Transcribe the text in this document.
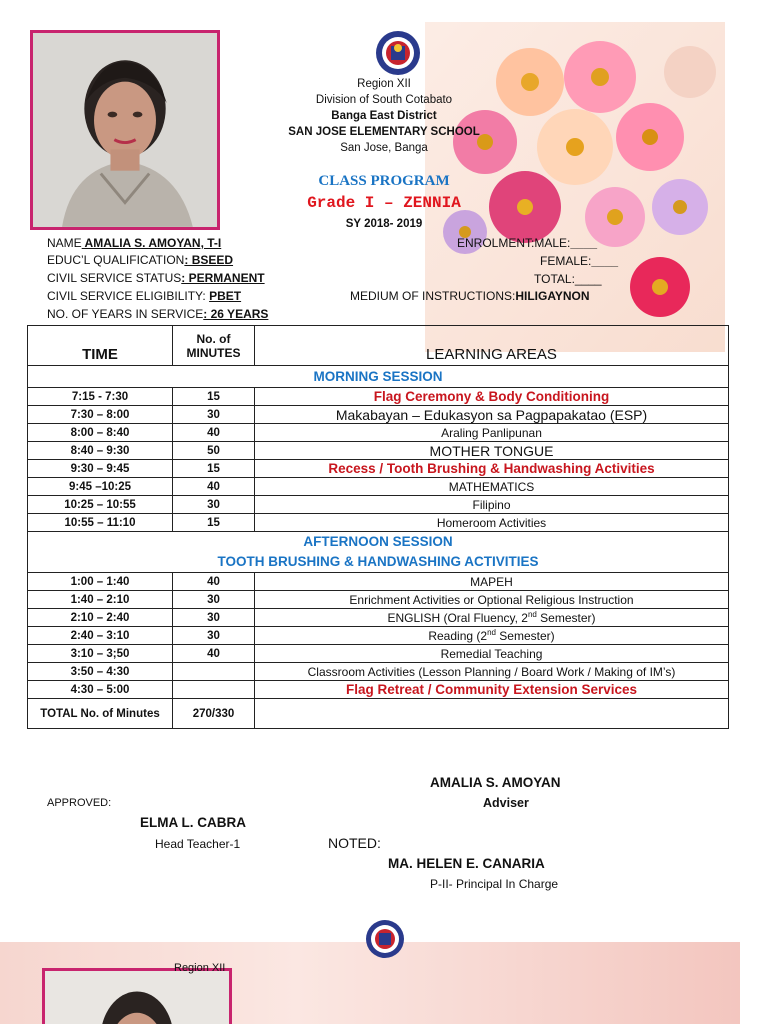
Region XII
Division of South Cotabato
Banga East District
SAN JOSE ELEMENTARY SCHOOL
San Jose, Banga
CLASS PROGRAM
Grade I – ZENNIA
SY 2018- 2019
NAME AMALIA S. AMOYAN, T-I
EDUC’L QUALIFICATION: BSEED
CIVIL SERVICE STATUS: PERMANENT
CIVIL SERVICE ELIGIBILITY: PBET
NO. OF YEARS IN SERVICE: 26 YEARS
ENROLMENT:MALE:____
FEMALE:____
TOTAL:____
MEDIUM OF INSTRUCTIONS:HILIGAYNON
TIME	No. of MINUTES	LEARNING AREAS
MORNING SESSION		
7:15 - 7:30	15	Flag Ceremony & Body Conditioning
7:30 – 8:00	30	Makabayan – Edukasyon sa Pagpapakatao (ESP)
8:00 – 8:40	40	Araling Panlipunan
8:40 – 9:30	50	MOTHER TONGUE
9:30 – 9:45	15	Recess / Tooth Brushing & Handwashing Activities
9:45 –10:25	40	MATHEMATICS
10:25 – 10:55	30	Filipino
10:55 – 11:10	15	Homeroom Activities

AFTERNOON SESSION
TOOTH BRUSHING & HANDWASHING ACTIVITIES		

1:00 – 1:40	40	MAPEH
1:40 – 2:10	30	Enrichment Activities or Optional Religious Instruction
2:10 – 2:40	30	ENGLISH (Oral Fluency, 2nd Semester)
2:40 – 3:10	30	Reading (2nd Semester)
3:10 – 3;50	40	Remedial Teaching
3:50 – 4:30		Classroom Activities (Lesson Planning / Board Work / Making of IM’s)
4:30 – 5:00		Flag Retreat / Community Extension Services
TOTAL No. of Minutes	270/330	
AMALIA S. AMOYAN
Adviser
APPROVED:
ELMA L. CABRA
Head Teacher-1	NOTED:
MA. HELEN E. CANARIA
P-II- Principal In Charge
Region XII
